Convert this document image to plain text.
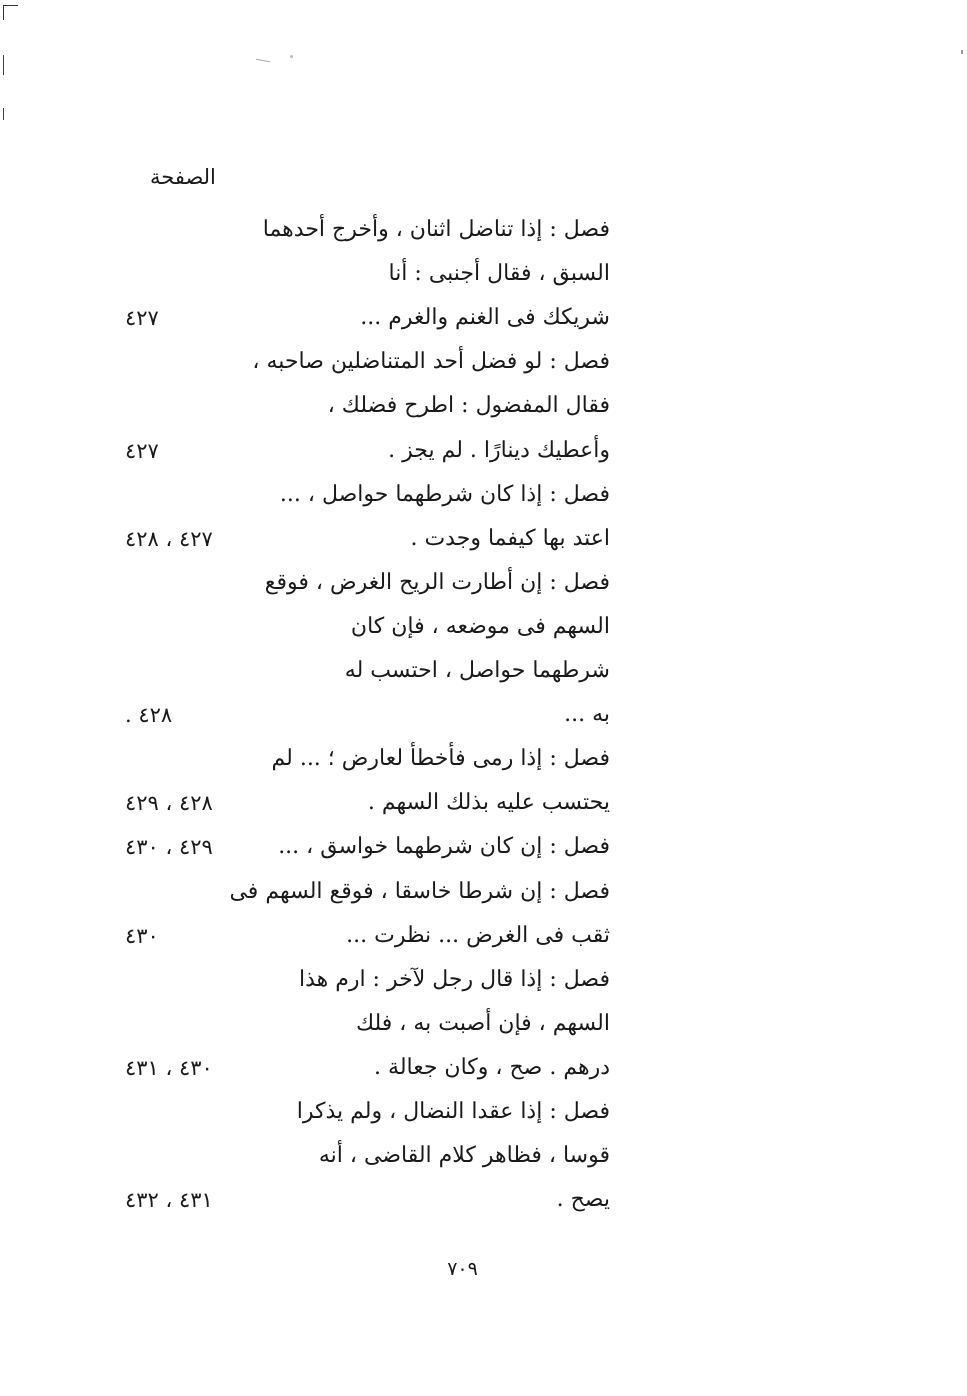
الصفحة
فصل : إذا تناضل اثنان ، وأخرج أحدهما
السبق ، فقال أجنبى : أنا
شريكك فى الغنم والغرم ...
٤٢٧
فصل : لو فضل أحد المتناضلين صاحبه ،
فقال المفضول : اطرح فضلك ،
وأعطيك دينارًا . لم يجز .
٤٢٧
فصل : إذا كان شرطهما حواصل ، ...
اعتد بها كيفما وجدت .
٤٢٧ ، ٤٢٨
فصل : إن أطارت الريح الغرض ، فوقع
السهم فى موضعه ، فإن كان
شرطهما حواصل ، احتسب له
به ...
٤٢٨ .
فصل : إذا رمى فأخطأ لعارض ؛ ... لم
يحتسب عليه بذلك السهم .
٤٢٨ ، ٤٢٩
فصل : إن كان شرطهما خواسق ، ...
٤٢٩ ، ٤٣٠
فصل : إن شرطا خاسقا ، فوقع السهم فى
ثقب فى الغرض ... نظرت ...
٤٣٠
فصل : إذا قال رجل لآخر : ارم هذا
السهم ، فإن أصبت به ، فلك
درهم . صح ، وكان جعالة .
٤٣٠ ، ٤٣١
فصل : إذا عقدا النضال ، ولم يذكرا
قوسا ، فظاهر كلام القاضى ، أنه
يصح .
٤٣١ ، ٤٣٢
٧٠٩
